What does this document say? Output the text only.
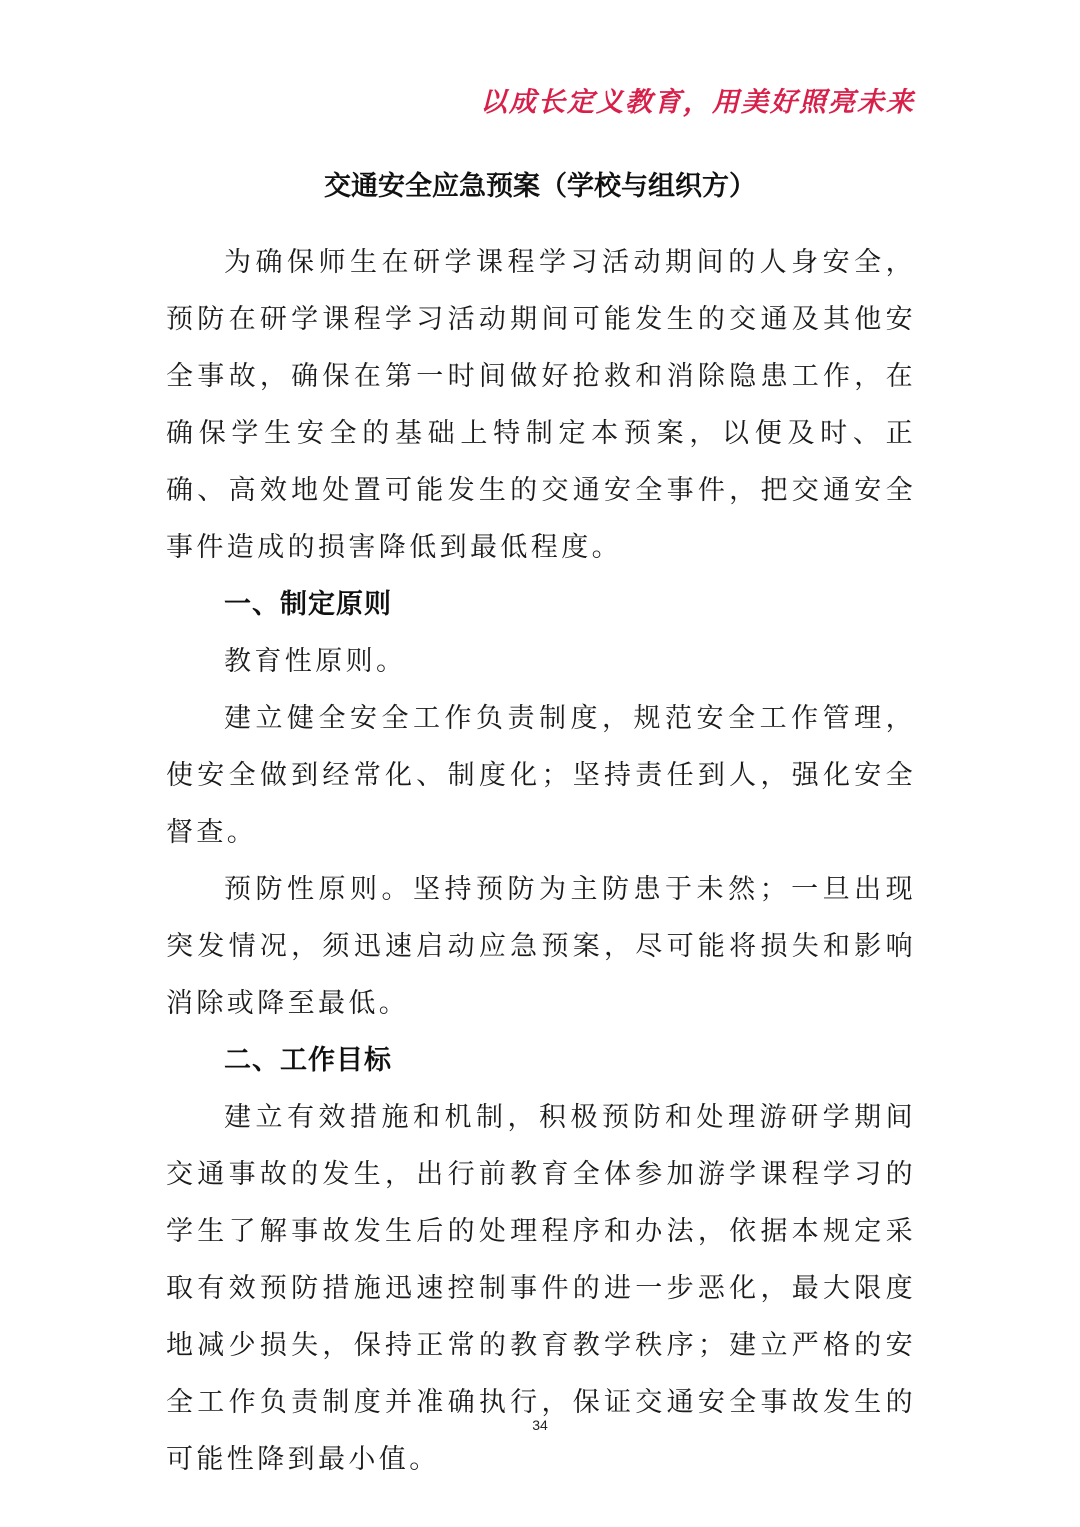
以成长定义教育，用美好照亮未来
交通安全应急预案（学校与组织方）

为确保师生在研学课程学习活动期间的人身安全，预防在研学课程学习活动期间可能发生的交通及其他安全事故，确保在第一时间做好抢救和消除隐患工作，在确保学生安全的基础上特制定本预案，以便及时、正确、高效地处置可能发生的交通安全事件，把交通安全事件造成的损害降低到最低程度。

一、制定原则

教育性原则。

建立健全安全工作负责制度，规范安全工作管理，使安全做到经常化、制度化；坚持责任到人，强化安全督查。

预防性原则。坚持预防为主防患于未然；一旦出现突发情况，须迅速启动应急预案，尽可能将损失和影响消除或降至最低。

二、工作目标

建立有效措施和机制，积极预防和处理游研学期间交通事故的发生，出行前教育全体参加游学课程学习的学生了解事故发生后的处理程序和办法，依据本规定采取有效预防措施迅速控制事件的进一步恶化，最大限度地减少损失，保持正常的教育教学秩序；建立严格的安全工作负责制度并准确执行，保证交通安全事故发生的可能性降到最小值。

34
